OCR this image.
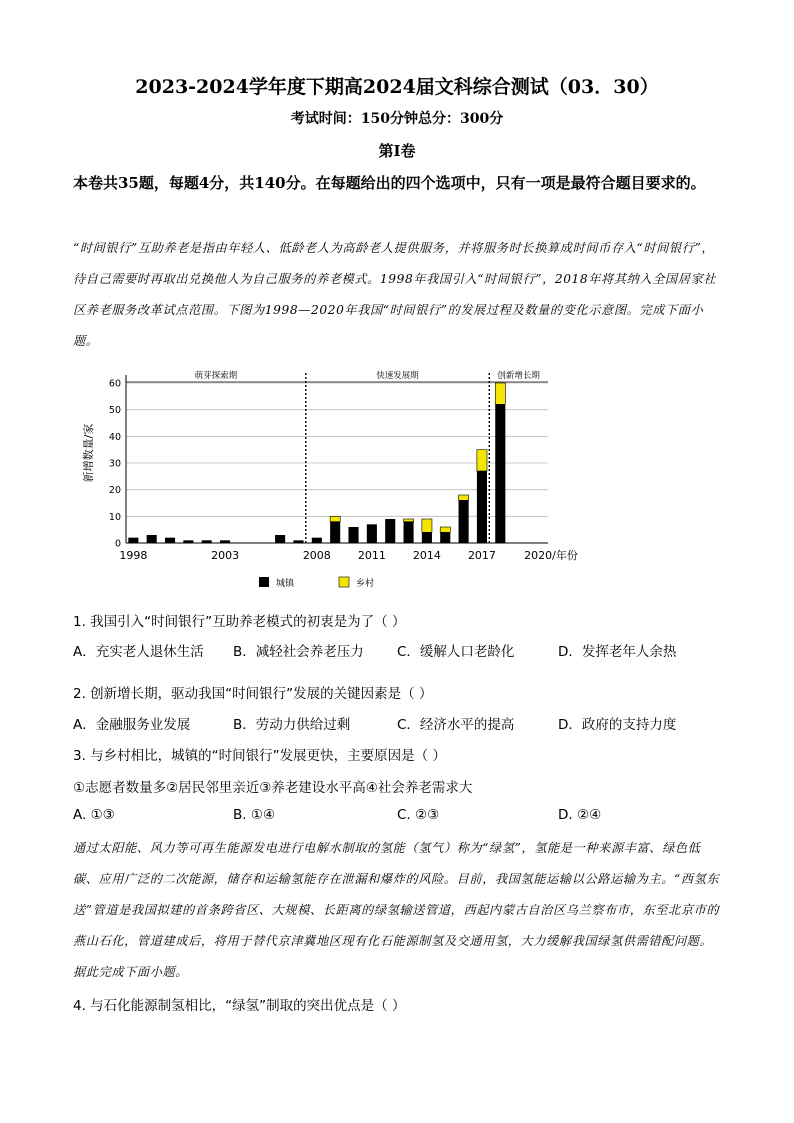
2023-2024学年度下期高2024届文科综合测试（03．30）
考试时间：150分钟总分：300分
第I卷
本卷共35题，每题4分，共140分。在每题给出的四个选项中，只有一项是最符合题目要求的。
“时间银行”互助养老是指由年轻人、低龄老人为高龄老人提供服务，并将服务时长换算成时间币存入“时间银行”，待自己需要时再取出兑换他人为自己服务的养老模式。1998年我国引入“时间银行”，2018年将其纳入全国居家社区养老服务改革试点范围。下图为1998—2020年我国“时间银行”的发展过程及数量的变化示意图。完成下面小题。
0
10
20
30
40
50
60
1998	2003	2008 2011 2014 2017	2020/年份
萌芽探索期	快速发展期	创新增长期
新增数量/家
城镇	乡村
1. 我国引入“时间银行”互助养老模式的初衷是为了（ ）
A．充实老人退休生活 B．减轻社会养老压力 C．缓解人口老龄化	D．发挥老年人余热
2. 创新增长期，驱动我国“时间银行”发展的关键因素是（ ）
A．金融服务业发展	B．劳动力供给过剩	C．经济水平的提高	D．政府的支持力度
3. 与乡村相比，城镇的“时间银行”发展更快，主要原因是（ ）
①志愿者数量多②居民邻里亲近③养老建设水平高④社会养老需求大
A. ①③	B. ①④	C. ②③	D. ②④
通过太阳能、风力等可再生能源发电进行电解水制取的氢能（氢气）称为“绿氢”，氢能是一种来源丰富、绿色低碳、应用广泛的二次能源，储存和运输氢能存在泄漏和爆炸的风险。目前，我国氢能运输以公路运输为主。“西氢东送”管道是我国拟建的首条跨省区、大规模、长距离的绿氢输送管道，西起内蒙古自治区乌兰察布市，东至北京市的燕山石化，管道建成后，将用于替代京津冀地区现有化石能源制氢及交通用氢，大力缓解我国绿氢供需错配问题。据此完成下面小题。
4. 与石化能源制氢相比，“绿氢”制取的突出优点是（ ）
